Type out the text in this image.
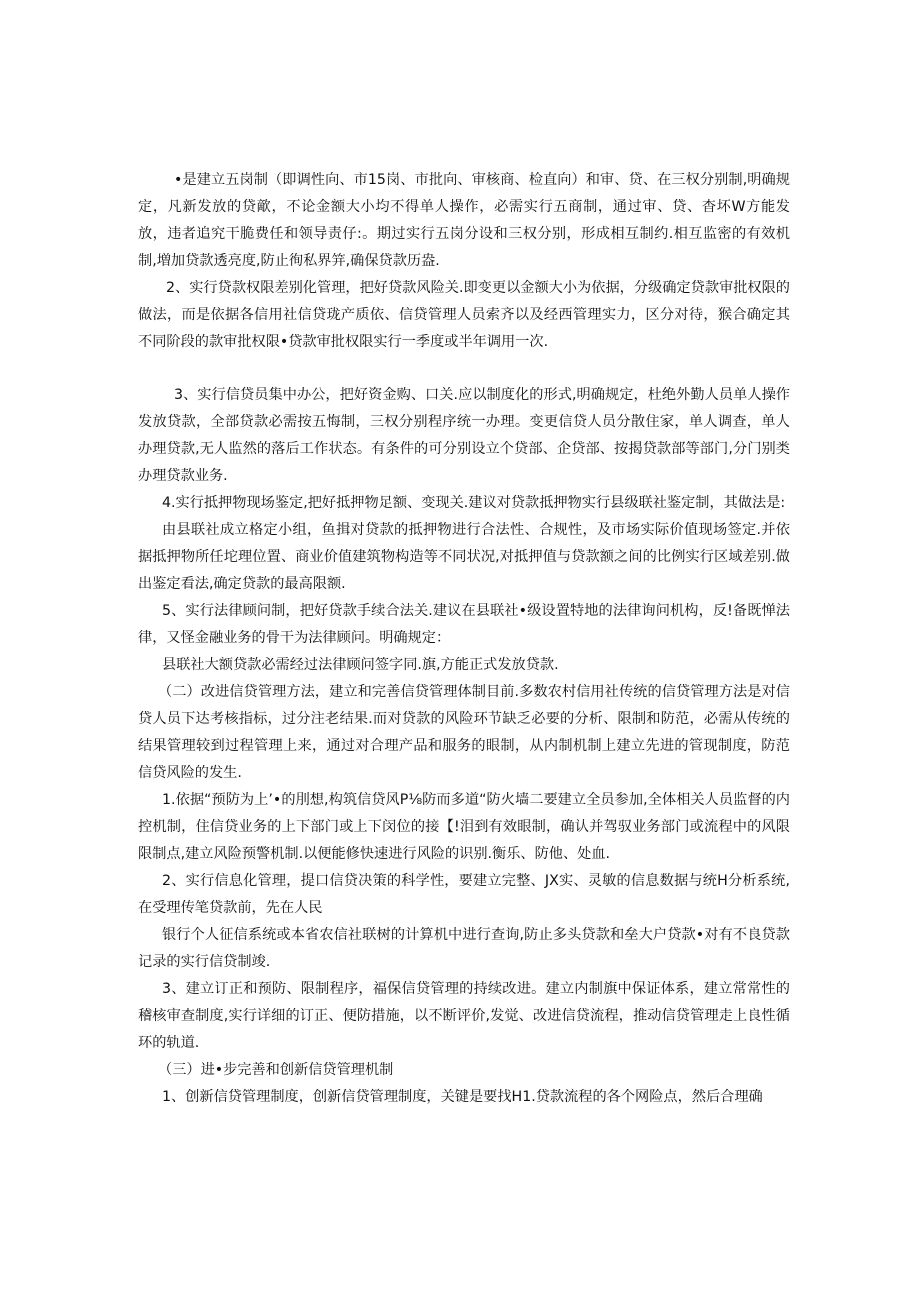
•是建立五岗制（即调性向、市15岗、市批向、审核商、检直向）和审、贷、在三权分别制,明确规定，凡新发放的贷歒，不论金额大小均不得单人操作，必需实行五商制，通过审、贷、杳坏W方能发放，违者追究干脆费任和领导责仔:。期过实行五岗分设和三权分别，形成相互制约.相互监密的有效机制,増加贷款透亮度,防止徇私界笄,确保贷款历盎.

2、实行贷款权限差别化管理，把好贷款风险关.即变更以金额大小为依据，分级确定贷款审批权限的做法，而是依据各信用社信贷珑产质依、信贷管理人员索齐以及经西管理实力，区分对待，猴合确定其不同阶段的款审批权限•贷款审批权限实行一季度或半年调用一次.

3、实行信贷员集中办公，把好资金购、口关.应以制度化的形式,明确规定，杜绝外勤人员单人操作发放贷款，全部贷款必需按五悔制，三权分别程序统一办理。变更信贷人员分散住家，单人调查，单人办理贷款,无人监然的落后工作状态。有条件的可分别设立个贷部、企贷部、按揭贷款部等部门,分门别类办理贷款业务.

4.实行抵押物现场鉴定,把好抵押物足额、变现关.建议对贷款抵押物实行县级联社鉴定制，其做法是:

由县联社成立格定小组，鱼揖对贷款的抵押物进行合法性、合规性，及市场实际价值现场签定.并依据抵押物所任坨理位置、商业价值建筑物构造等不同状况,对抵押值与贷款额之间的比例实行区域差别.做出鉴定看法,确定贷款的最高限额.

5、实行法律顾问制，把好贷款手续合法关.建议在县联社•级设置特地的法律询问机构，反!备既惮法律，又怪金融业务的骨干为法律顾问。明确规定：

县联社大额贷款必需经过法律顾问签字同.旗,方能正式发放贷款.

（二）改进信贷管理方法，建立和完善信贷管理体制目前.多数农村信用社传统的信贷管理方法是对信贷人员下达考核指标，过分注老结果.而对贷款的风险环节缺乏必要的分析、限制和防范，必需从传统的结果管理较到过程管理上来，通过对合理产品和服务的眼制，从内制机制上建立先进的管现制度，防范信贷风险的发生.

1.依据“预防为上’•的刖想,构筑信贷风P⅛防而多道“防火墙二要建立全员参加,全体相关人员监督的内控机制，住信贷业务的上下部门或上下闵位的接【!泪到有效眼制，确认并驾驭业务部门或流程中的风限限制点,建立风险预警机制.以便能修快速进行风险的识别.衡乐、防他、处血.

2、实行信息化管理，提口信贷决策的科学性，要建立完整、JX实、灵敏的信息数据与统H分析系统,在受理传笔贷款前，先在人民

银行个人征信系统或本省农信社联树的计算机中进行查询,防止多头贷款和垒大户贷款•对有不良贷款记录的实行信贷制竣.

3、建立订正和预防、限制程序，福保信贷管理的持续改进。建立内制旗中保证体系，建立常常性的稽核审查制度,实行详细的订正、便防措施，以不断评价,发觉、改进信贷流程，推动信贷管理走上良性循环的轨道.

（三）进•步完善和创新信贷管理机制

1、创新信贷管理制度，创新信贷管理制度，关键是要找H1.贷款流程的各个网险点，然后合理确
